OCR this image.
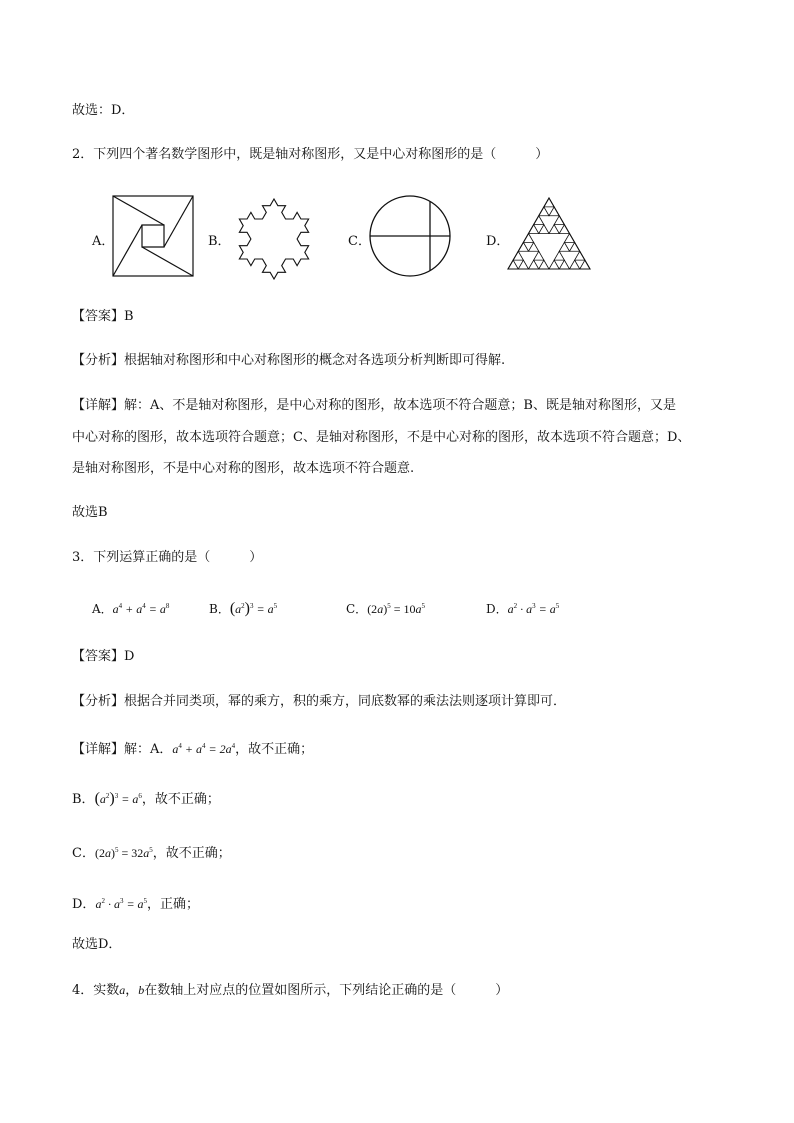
故选：D．
2．下列四个著名数学图形中，既是轴对称图形，又是中心对称图形的是（　　　）
A．	B．	C．	D．
【答案】B
【分析】根据轴对称图形和中心对称图形的概念对各选项分析判断即可得解.
【详解】解：A、不是轴对称图形，是中心对称的图形，故本选项不符合题意；B、既是轴对称图形，又是
中心对称的图形，故本选项符合题意；C、是轴对称图形，不是中心对称的图形，故本选项不符合题意；D、
是轴对称图形，不是中心对称的图形，故本选项不符合题意.
故选B
3．下列运算正确的是（　　　）
A．$a^4 + a^4 = a^8$	B．$(a^2)^3 = a^5$	C．$(2a)^5 = 10a^5$	D．$a^2 \cdot a^3 = a^5$
【答案】D
【分析】根据合并同类项，幂的乘方，积的乘方，同底数幂的乘法法则逐项计算即可．
【详解】解：A．$a^4 + a^4 = 2a^4$，故不正确；
B．$(a^2)^3 = a^6$，故不正确；
C．$(2a)^5 = 32a^5$，故不正确；
D．$a^2 \cdot a^3 = a^5$，正确；
故选D．
4．实数a，b在数轴上对应点的位置如图所示，下列结论正确的是（　　　）
